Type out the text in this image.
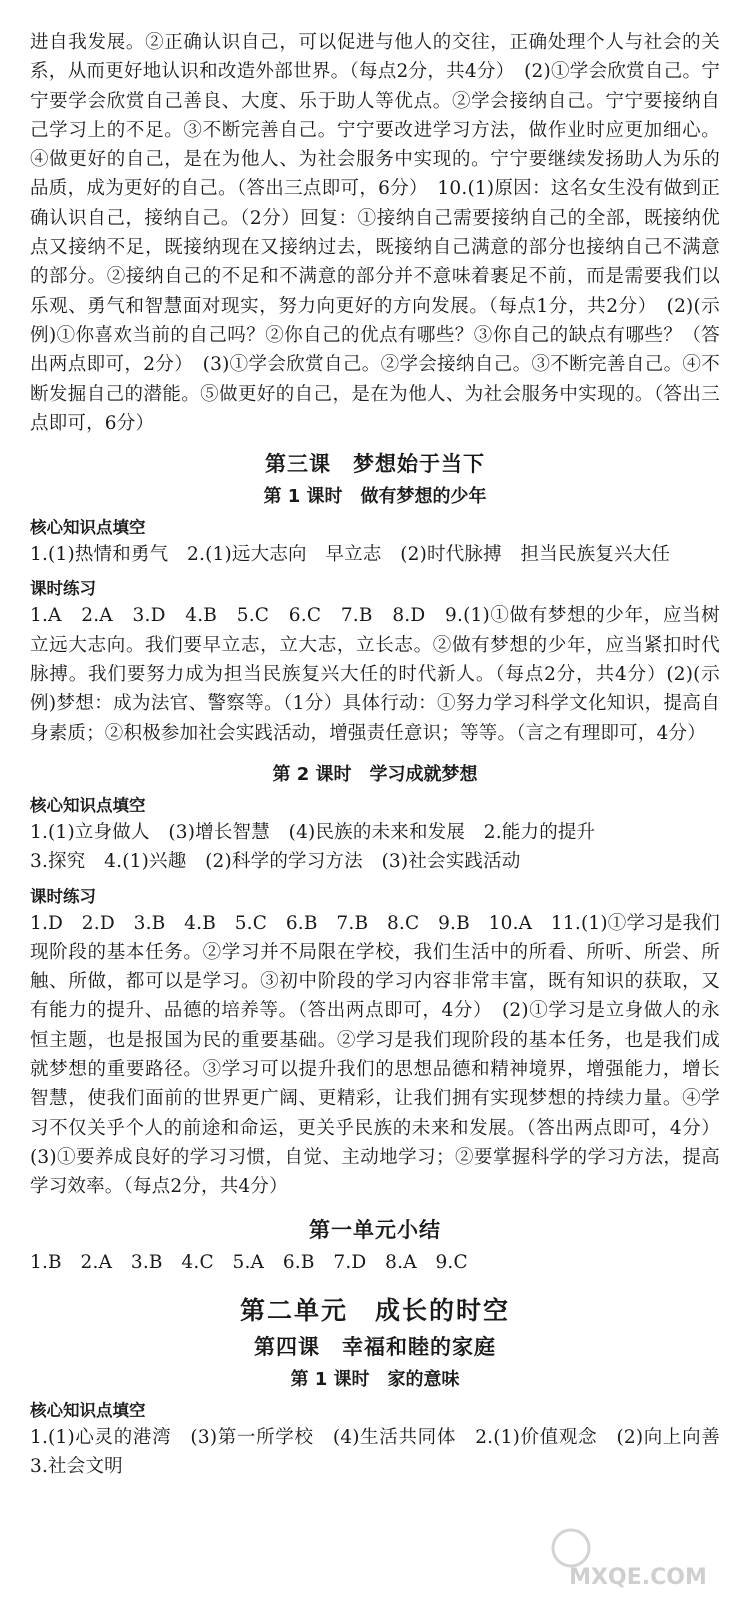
进自我发展。②正确认识自己，可以促进与他人的交往，正确处理个人与社会的关系，从而更好地认识和改造外部世界。（每点2分，共4分）　(2)①学会欣赏自己。宁宁要学会欣赏自己善良、大度、乐于助人等优点。②学会接纳自己。宁宁要接纳自己学习上的不足。③不断完善自己。宁宁要改进学习方法，做作业时应更加细心。④做更好的自己，是在为他人、为社会服务中实现的。宁宁要继续发扬助人为乐的品质，成为更好的自己。（答出三点即可，6分）　10.(1)原因：这名女生没有做到正确认识自己，接纳自己。（2分）回复：①接纳自己需要接纳自己的全部，既接纳优点又接纳不足，既接纳现在又接纳过去，既接纳自己满意的部分也接纳自己不满意的部分。②接纳自己的不足和不满意的部分并不意味着裹足不前，而是需要我们以乐观、勇气和智慧面对现实，努力向更好的方向发展。（每点1分，共2分）　(2)(示例)①你喜欢当前的自己吗？②你自己的优点有哪些？③你自己的缺点有哪些？（答出两点即可，2分）　(3)①学会欣赏自己。②学会接纳自己。③不断完善自己。④不断发掘自己的潜能。⑤做更好的自己，是在为他人、为社会服务中实现的。（答出三点即可，6分）

第三课　梦想始于当下
第 1 课时　做有梦想的少年
核心知识点填空

1.(1)热情和勇气　2.(1)远大志向　早立志　(2)时代脉搏　担当民族复兴大任

课时练习

1.A　2.A　3.D　4.B　5.C　6.C　7.B　8.D　9.(1)①做有梦想的少年，应当树立远大志向。我们要早立志，立大志，立长志。②做有梦想的少年，应当紧扣时代脉搏。我们要努力成为担当民族复兴大任的时代新人。（每点2分，共4分）(2)(示例)梦想：成为法官、警察等。（1分）具体行动：①努力学习科学文化知识，提高自身素质；②积极参加社会实践活动，增强责任意识；等等。（言之有理即可，4分）

第 2 课时　学习成就梦想
核心知识点填空

1.(1)立身做人　(3)增长智慧　(4)民族的未来和发展　2.能力的提升

3.探究　4.(1)兴趣　(2)科学的学习方法　(3)社会实践活动

课时练习

1.D　2.D　3.B　4.B　5.C　6.B　7.B　8.C　9.B　10.A　11.(1)①学习是我们现阶段的基本任务。②学习并不局限在学校，我们生活中的所看、所听、所尝、所触、所做，都可以是学习。③初中阶段的学习内容非常丰富，既有知识的获取，又有能力的提升、品德的培养等。（答出两点即可，4分）　(2)①学习是立身做人的永恒主题，也是报国为民的重要基础。②学习是我们现阶段的基本任务，也是我们成就梦想的重要路径。③学习可以提升我们的思想品德和精神境界，增强能力，增长智慧，使我们面前的世界更广阔、更精彩，让我们拥有实现梦想的持续力量。④学习不仅关乎个人的前途和命运，更关乎民族的未来和发展。（答出两点即可，4分）(3)①要养成良好的学习习惯，自觉、主动地学习；②要掌握科学的学习方法，提高学习效率。（每点2分，共4分）

第一单元小结

1.B　2.A　3.B　4.C　5.A　6.B　7.D　8.A　9.C

第二单元　成长的时空
第四课　幸福和睦的家庭
第 1 课时　家的意味
核心知识点填空

1.(1)心灵的港湾　(3)第一所学校　(4)生活共同体　2.(1)价值观念　(2)向上向善　3.社会文明

MXQE.COM
